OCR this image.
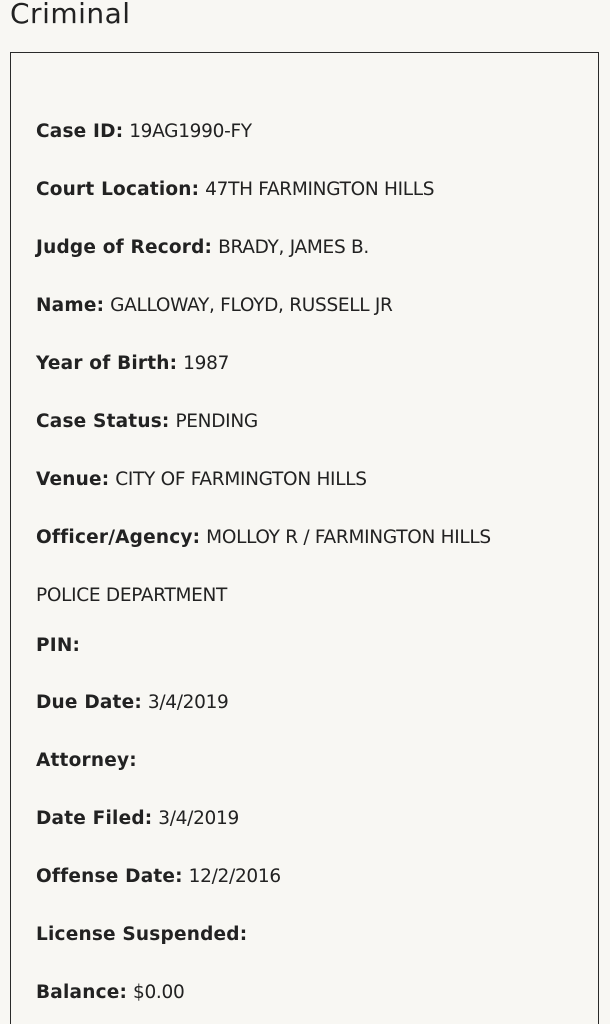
Criminal
Case ID: 19AG1990-FY
Court Location: 47TH FARMINGTON HILLS
Judge of Record: BRADY, JAMES B.
Name: GALLOWAY, FLOYD, RUSSELL JR
Year of Birth: 1987
Case Status: PENDING
Venue: CITY OF FARMINGTON HILLS
Officer/Agency: MOLLOY R / FARMINGTON HILLS
POLICE DEPARTMENT
PIN:
Due Date: 3/4/2019
Attorney:
Date Filed: 3/4/2019
Offense Date: 12/2/2016
License Suspended:
Balance: $0.00
